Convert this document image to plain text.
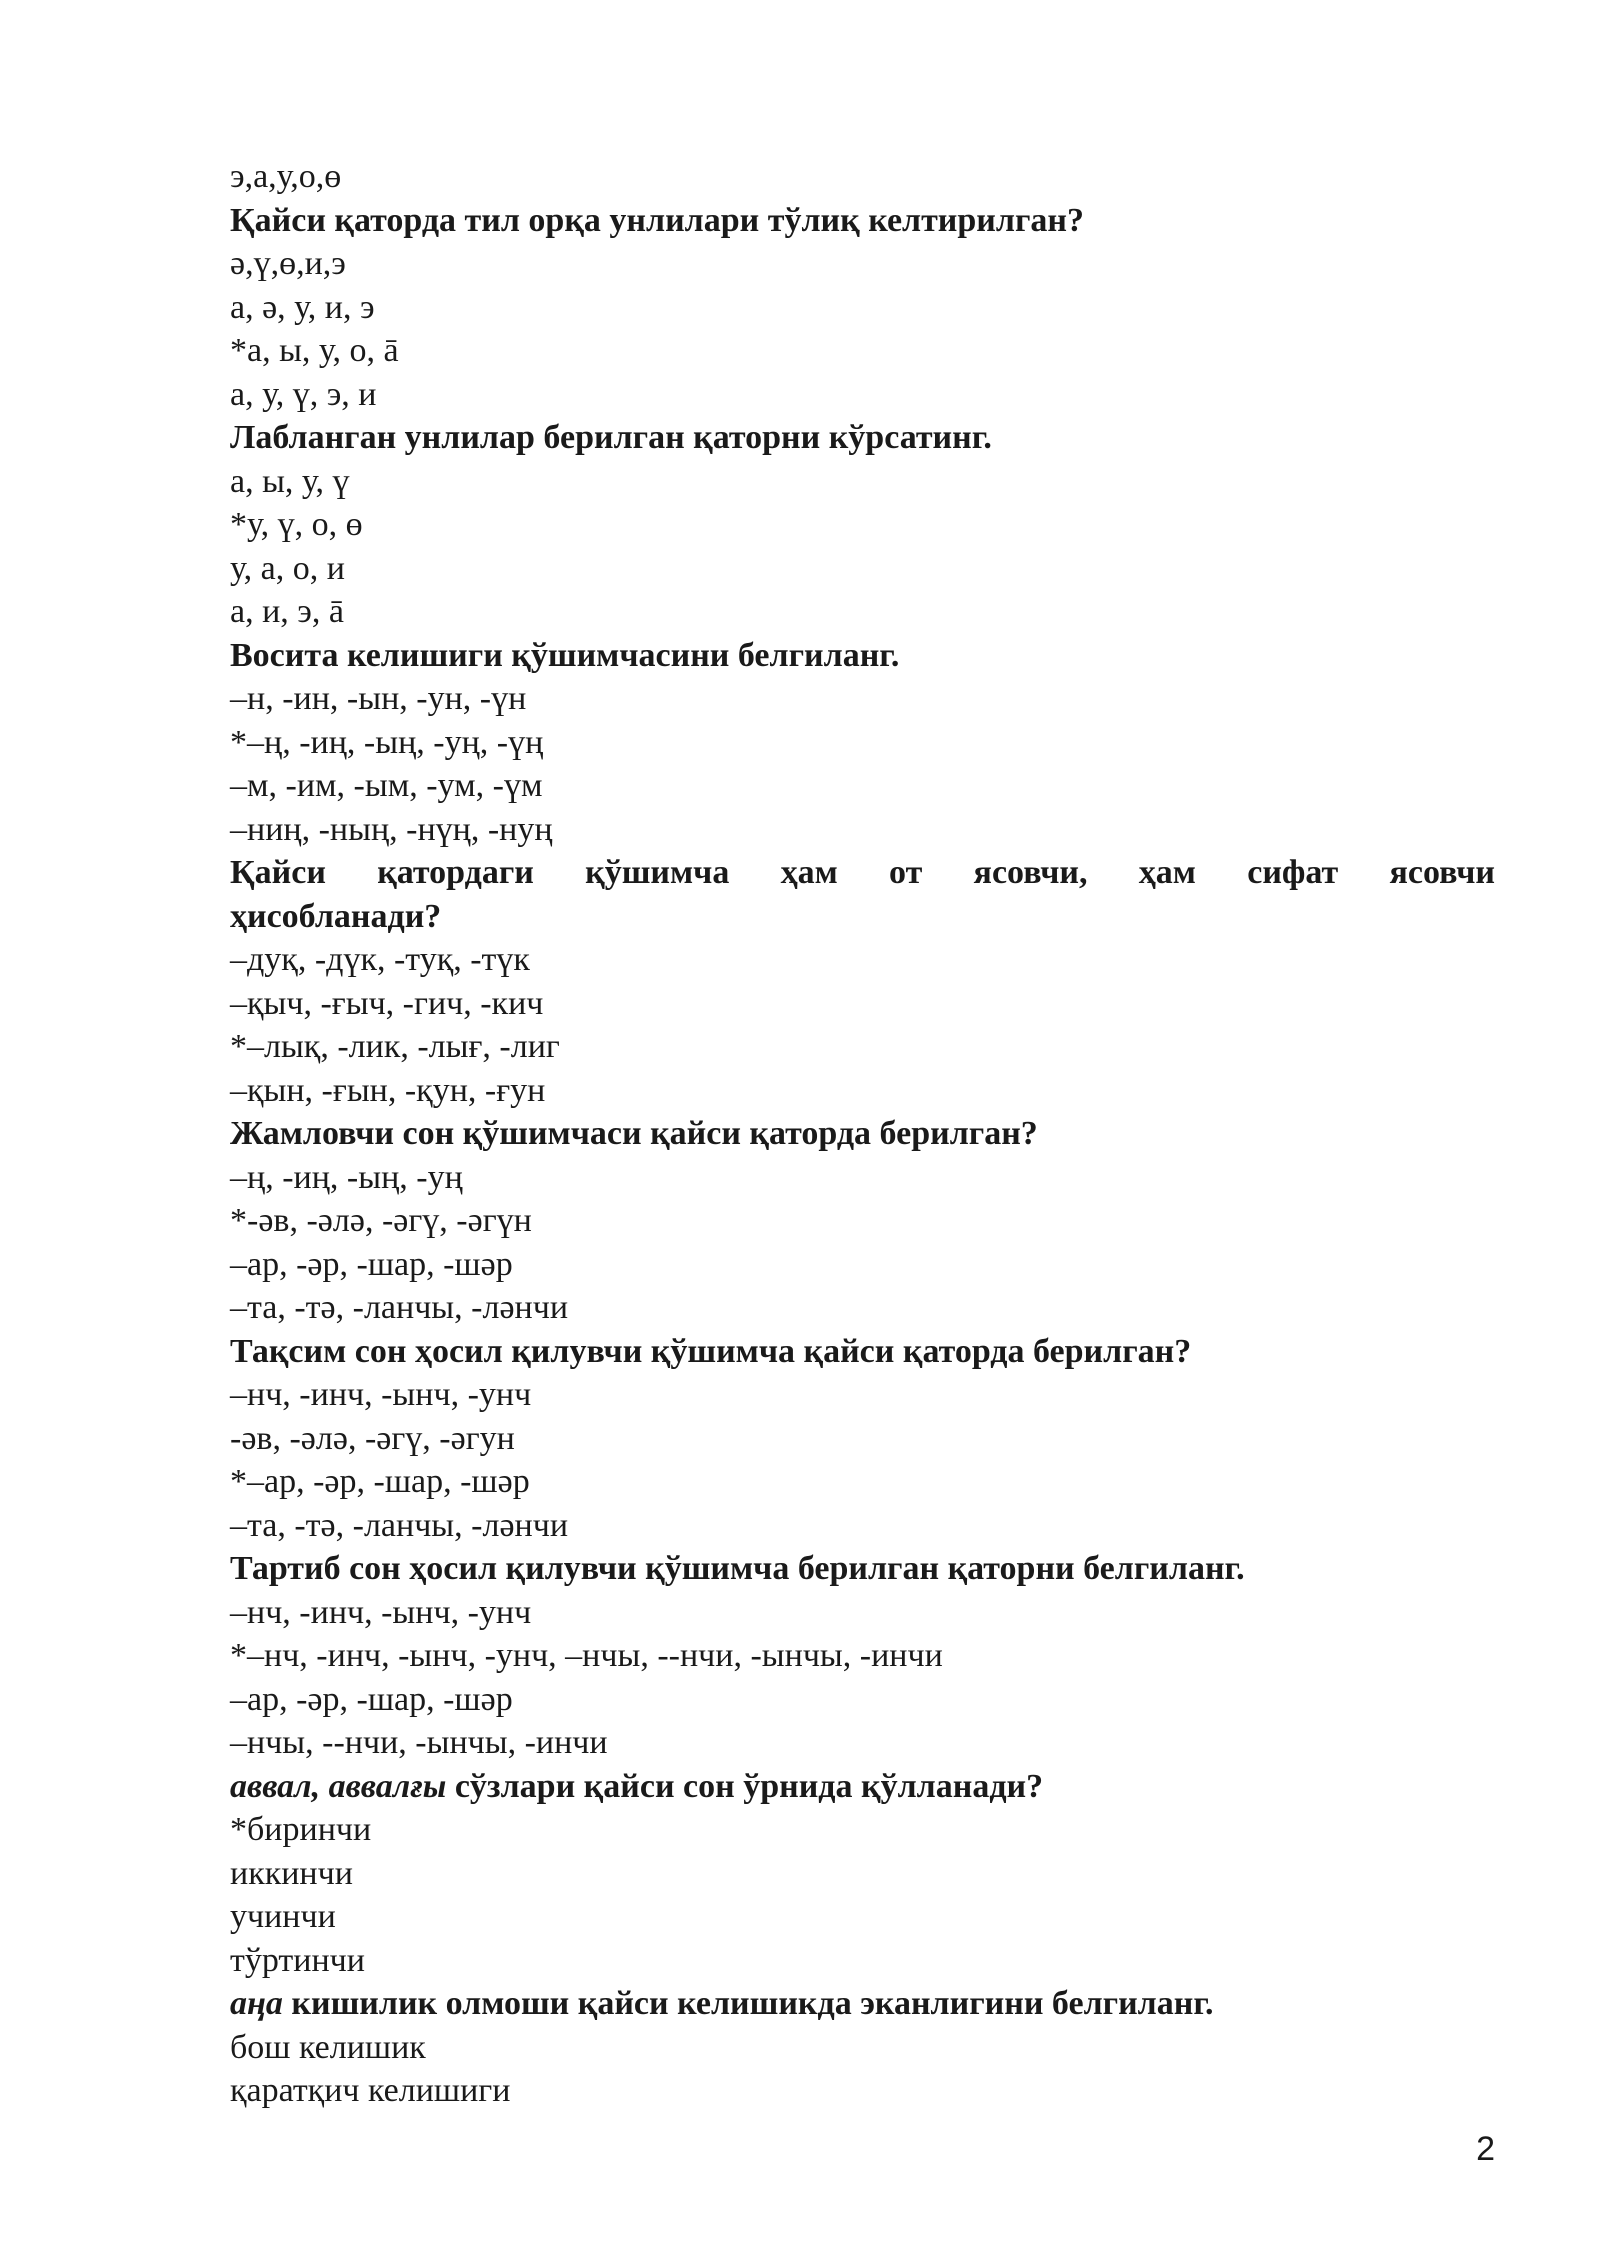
э,а,у,о,ө
Қайси қаторда тил орқа унлилари тўлиқ келтирилган?
ә,ү,ө,и,э
а, ә, у, и, э
*а, ы, у, о, ā
а, у, ү, э, и
Лабланган унлилар берилган қаторни кўрсатинг.
а, ы, у, ү
*у, ү, о, ө
у, а, о, и
а, и, э, ā
Восита келишиги қўшимчасини белгиланг.
–н, -ин, -ын, -ун, -үн
*–ң, -иң, -ың, -уң, -үң
–м, -им, -ым, -ум, -үм
–ниң, -ның, -нүң, -нуң
Қайси қатордаги қўшимча ҳам от ясовчи, ҳам сифат ясовчи
ҳисобланади?
–дуқ, -дүк, -туқ, -түк
–қыч, -ғыч, -гич, -кич
*–лық, -лик, -лығ, -лиг
–қын, -ғын, -қун, -ғун
Жамловчи сон қўшимчаси қайси қаторда берилган?
–ң, -иң, -ың, -уң
*-әв, -әлә, -әгү, -әгүн
–ар, -әр, -шар, -шәр
–та, -тә, -ланчы, -ләнчи
Тақсим сон ҳосил қилувчи қўшимча қайси қаторда берилган?
–нч, -инч, -ынч, -унч
-әв, -әлә, -әгү, -әгун
*–ар, -әр, -шар, -шәр
–та, -тә, -ланчы, -ләнчи
Тартиб сон ҳосил қилувчи қўшимча берилган қаторни белгиланг.
–нч, -инч, -ынч, -унч
*–нч, -инч, -ынч, -унч, –нчы, --нчи, -ынчы, -инчи
–ар, -әр, -шар, -шәр
–нчы, --нчи, -ынчы, -инчи
аввал, аввалғы сўзлари қайси сон ўрнида қўлланади?
*биринчи
иккинчи
учинчи
тўртинчи
аңа кишилик олмоши қайси келишикда эканлигини белгиланг.
бош келишик
қаратқич келишиги
2
